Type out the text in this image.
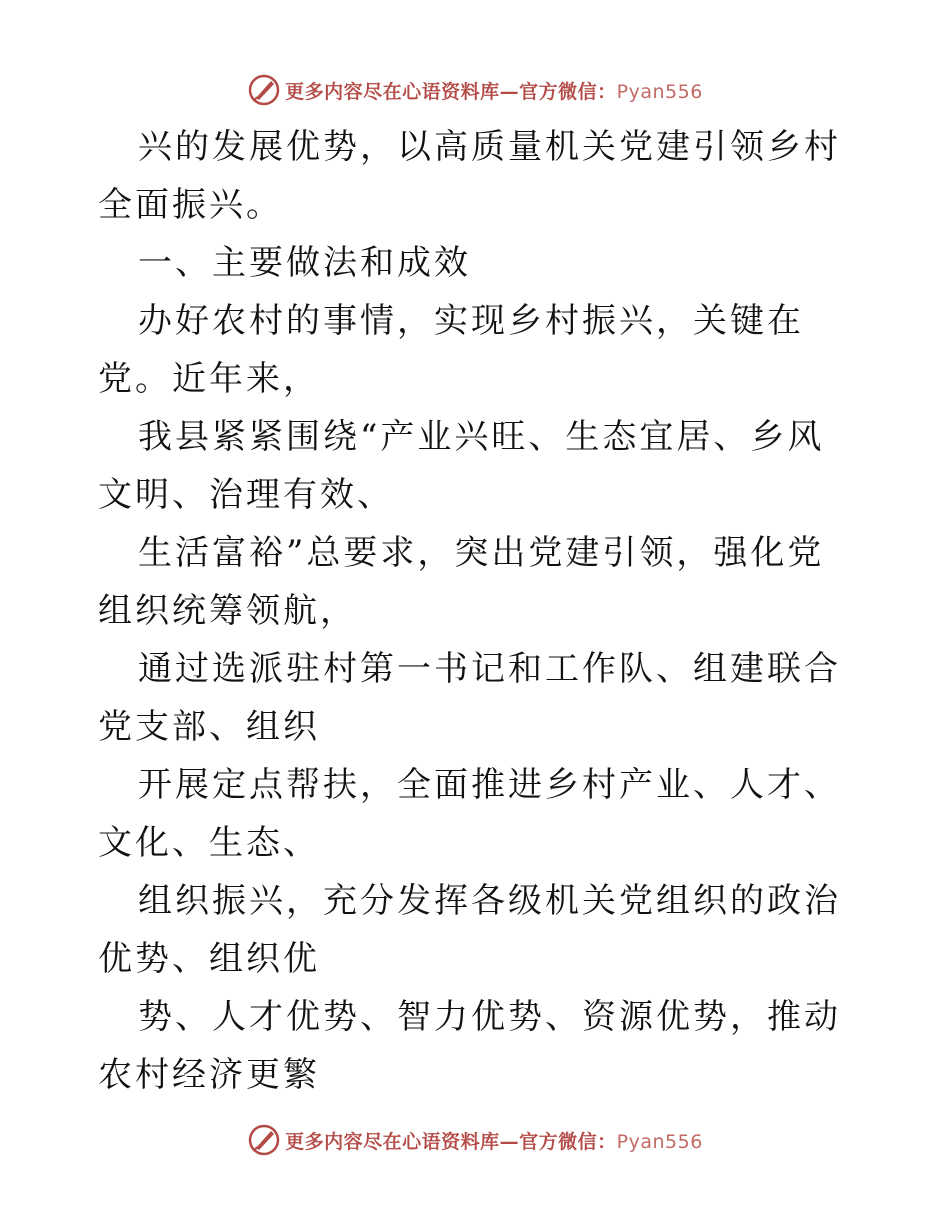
更多内容尽在心语资料库—官方微信：Pyan556

兴的发展优势，以高质量机关党建引领乡村全面振兴。

一、主要做法和成效

办好农村的事情，实现乡村振兴，关键在党。近年来，

我县紧紧围绕“产业兴旺、生态宜居、乡风文明、治理有效、

生活富裕”总要求，突出党建引领，强化党组织统筹领航，

通过选派驻村第一书记和工作队、组建联合党支部、组织

开展定点帮扶，全面推进乡村产业、人才、文化、生态、

组织振兴，充分发挥各级机关党组织的政治优势、组织优

势、人才优势、智力优势、资源优势，推动农村经济更繁

更多内容尽在心语资料库—官方微信：Pyan556
